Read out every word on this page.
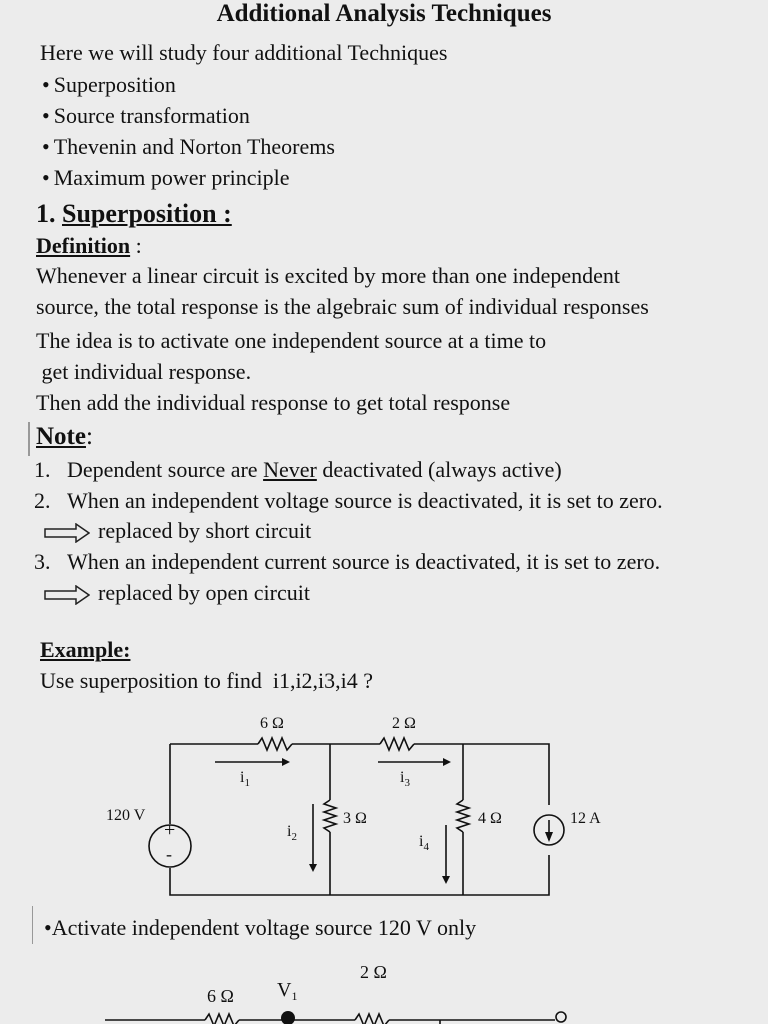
Additional Analysis Techniques
Here we will study four additional Techniques
• Superposition
• Source transformation
• Thevenin and Norton Theorems
• Maximum power principle
1. Superposition :
Definition :
Whenever a linear circuit is excited by more than one independent
source, the total response is the algebraic sum of individual responses
The idea is to activate one independent source at a time to
get individual response.
Then add the individual response to get total response
Note:
1. Dependent source are Never deactivated (always active)
2. When an independent voltage source is deactivated, it is set to zero.
replaced by short circuit
3. When an independent current source is deactivated, it is set to zero.
replaced by open circuit
Example:
Use superposition to find i1,i2,i3,i4 ?
6 Ω	2 Ω
3 Ω	4 Ω
120 V	12 A
+
-
$i_1$	$i_3$
$i_2$	$i_4$
6 Ω
2 Ω
$V_1$
•Activate independent voltage source 120 V only
